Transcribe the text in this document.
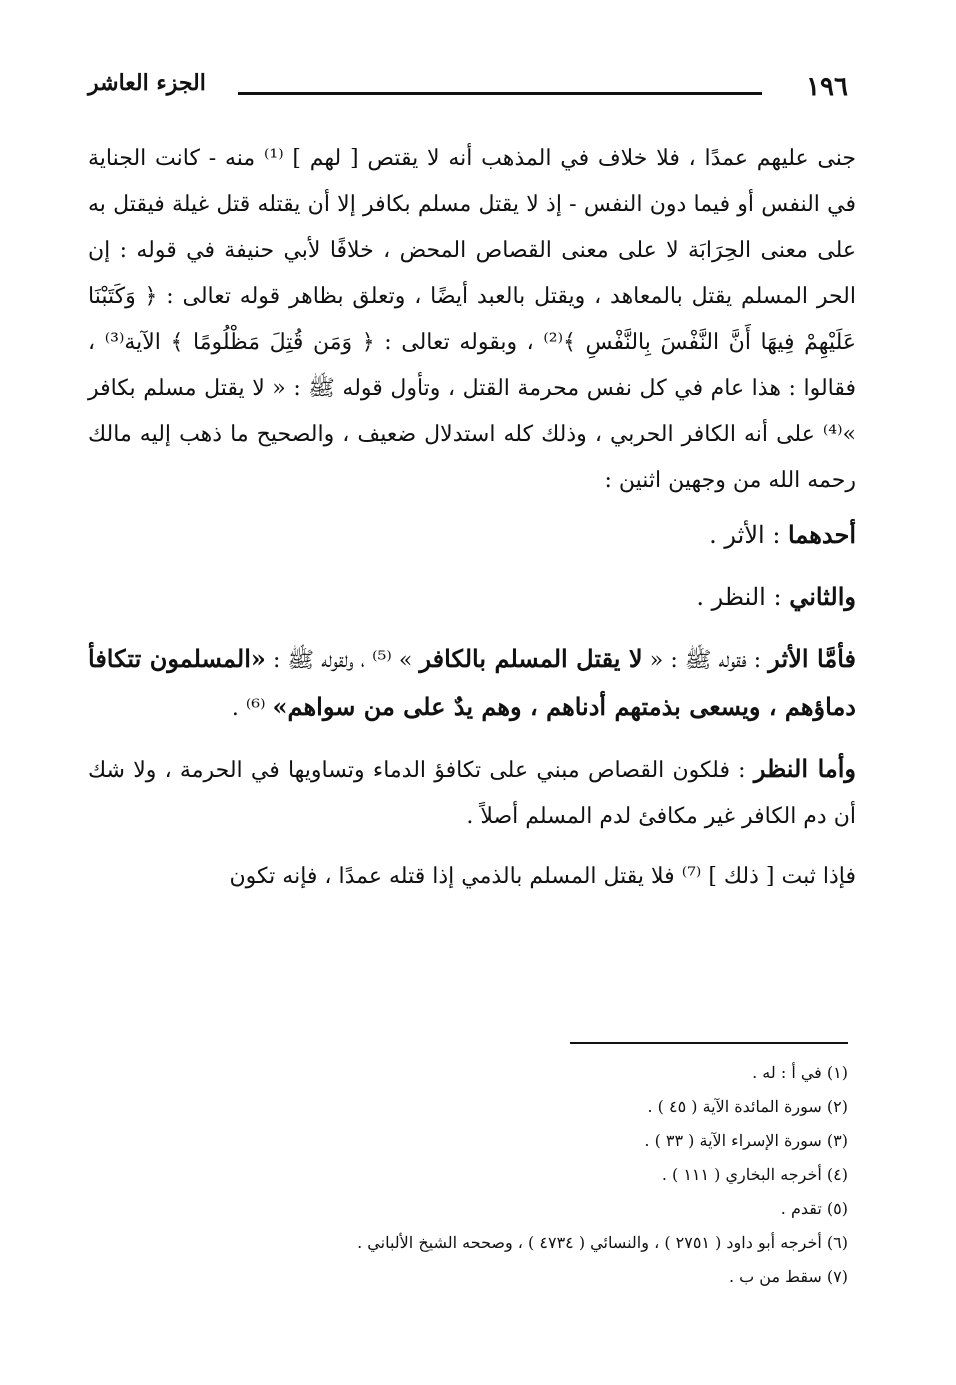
١٩٦
الجزء العاشر

جنى عليهم عمدًا ، فلا خلاف في المذهب أنه لا يقتص [ لهم ] ⁽¹⁾ منه - كانت الجناية في النفس أو فيما دون النفس - إذ لا يقتل مسلم بكافر إلا أن يقتله قتل غيلة فيقتل به على معنى الحِرَابَة لا على معنى القصاص المحض ، خلافًا لأبي حنيفة في قوله : إن الحر المسلم يقتل بالمعاهد ، ويقتل بالعبد أيضًا ، وتعلق بظاهر قوله تعالى : ﴿ وَكَتَبْنَا عَلَيْهِمْ فِيهَا أَنَّ النَّفْسَ بِالنَّفْسِ ﴾⁽²⁾ ، وبقوله تعالى : ﴿ وَمَن قُتِلَ مَظْلُومًا ﴾ الآية⁽³⁾ ، فقالوا : هذا عام في كل نفس محرمة القتل ، وتأول قوله ﷺ : « لا يقتل مسلم بكافر »⁽⁴⁾ على أنه الكافر الحربي ، وذلك كله استدلال ضعيف ، والصحيح ما ذهب إليه مالك رحمه الله من وجهين اثنين :

أحدهما : الأثر .

والثاني : النظر .

فأمَّا الأثر : فقوله ﷺ : « لا يقتل المسلم بالكافر » ⁽⁵⁾ ، ولقوله ﷺ : «المسلمون تتكافأ دماؤهم ، ويسعى بذمتهم أدناهم ، وهم يدٌ على من سواهم» ⁽⁶⁾ .

وأما النظر : فلكون القصاص مبني على تكافؤ الدماء وتساويها في الحرمة ، ولا شك أن دم الكافر غير مكافئ لدم المسلم أصلاً .

فإذا ثبت [ ذلك ] ⁽⁷⁾ فلا يقتل المسلم بالذمي إذا قتله عمدًا ، فإنه تكون

(١) في أ : له .

(٢) سورة المائدة الآية ( ٤٥ ) .

(٣) سورة الإسراء الآية ( ٣٣ ) .

(٤) أخرجه البخاري ( ١١١ ) .

(٥) تقدم .

(٦) أخرجه أبو داود ( ٢٧٥١ ) ، والنسائي ( ٤٧٣٤ ) ، وصححه الشيخ الألباني .

(٧) سقط من ب .
